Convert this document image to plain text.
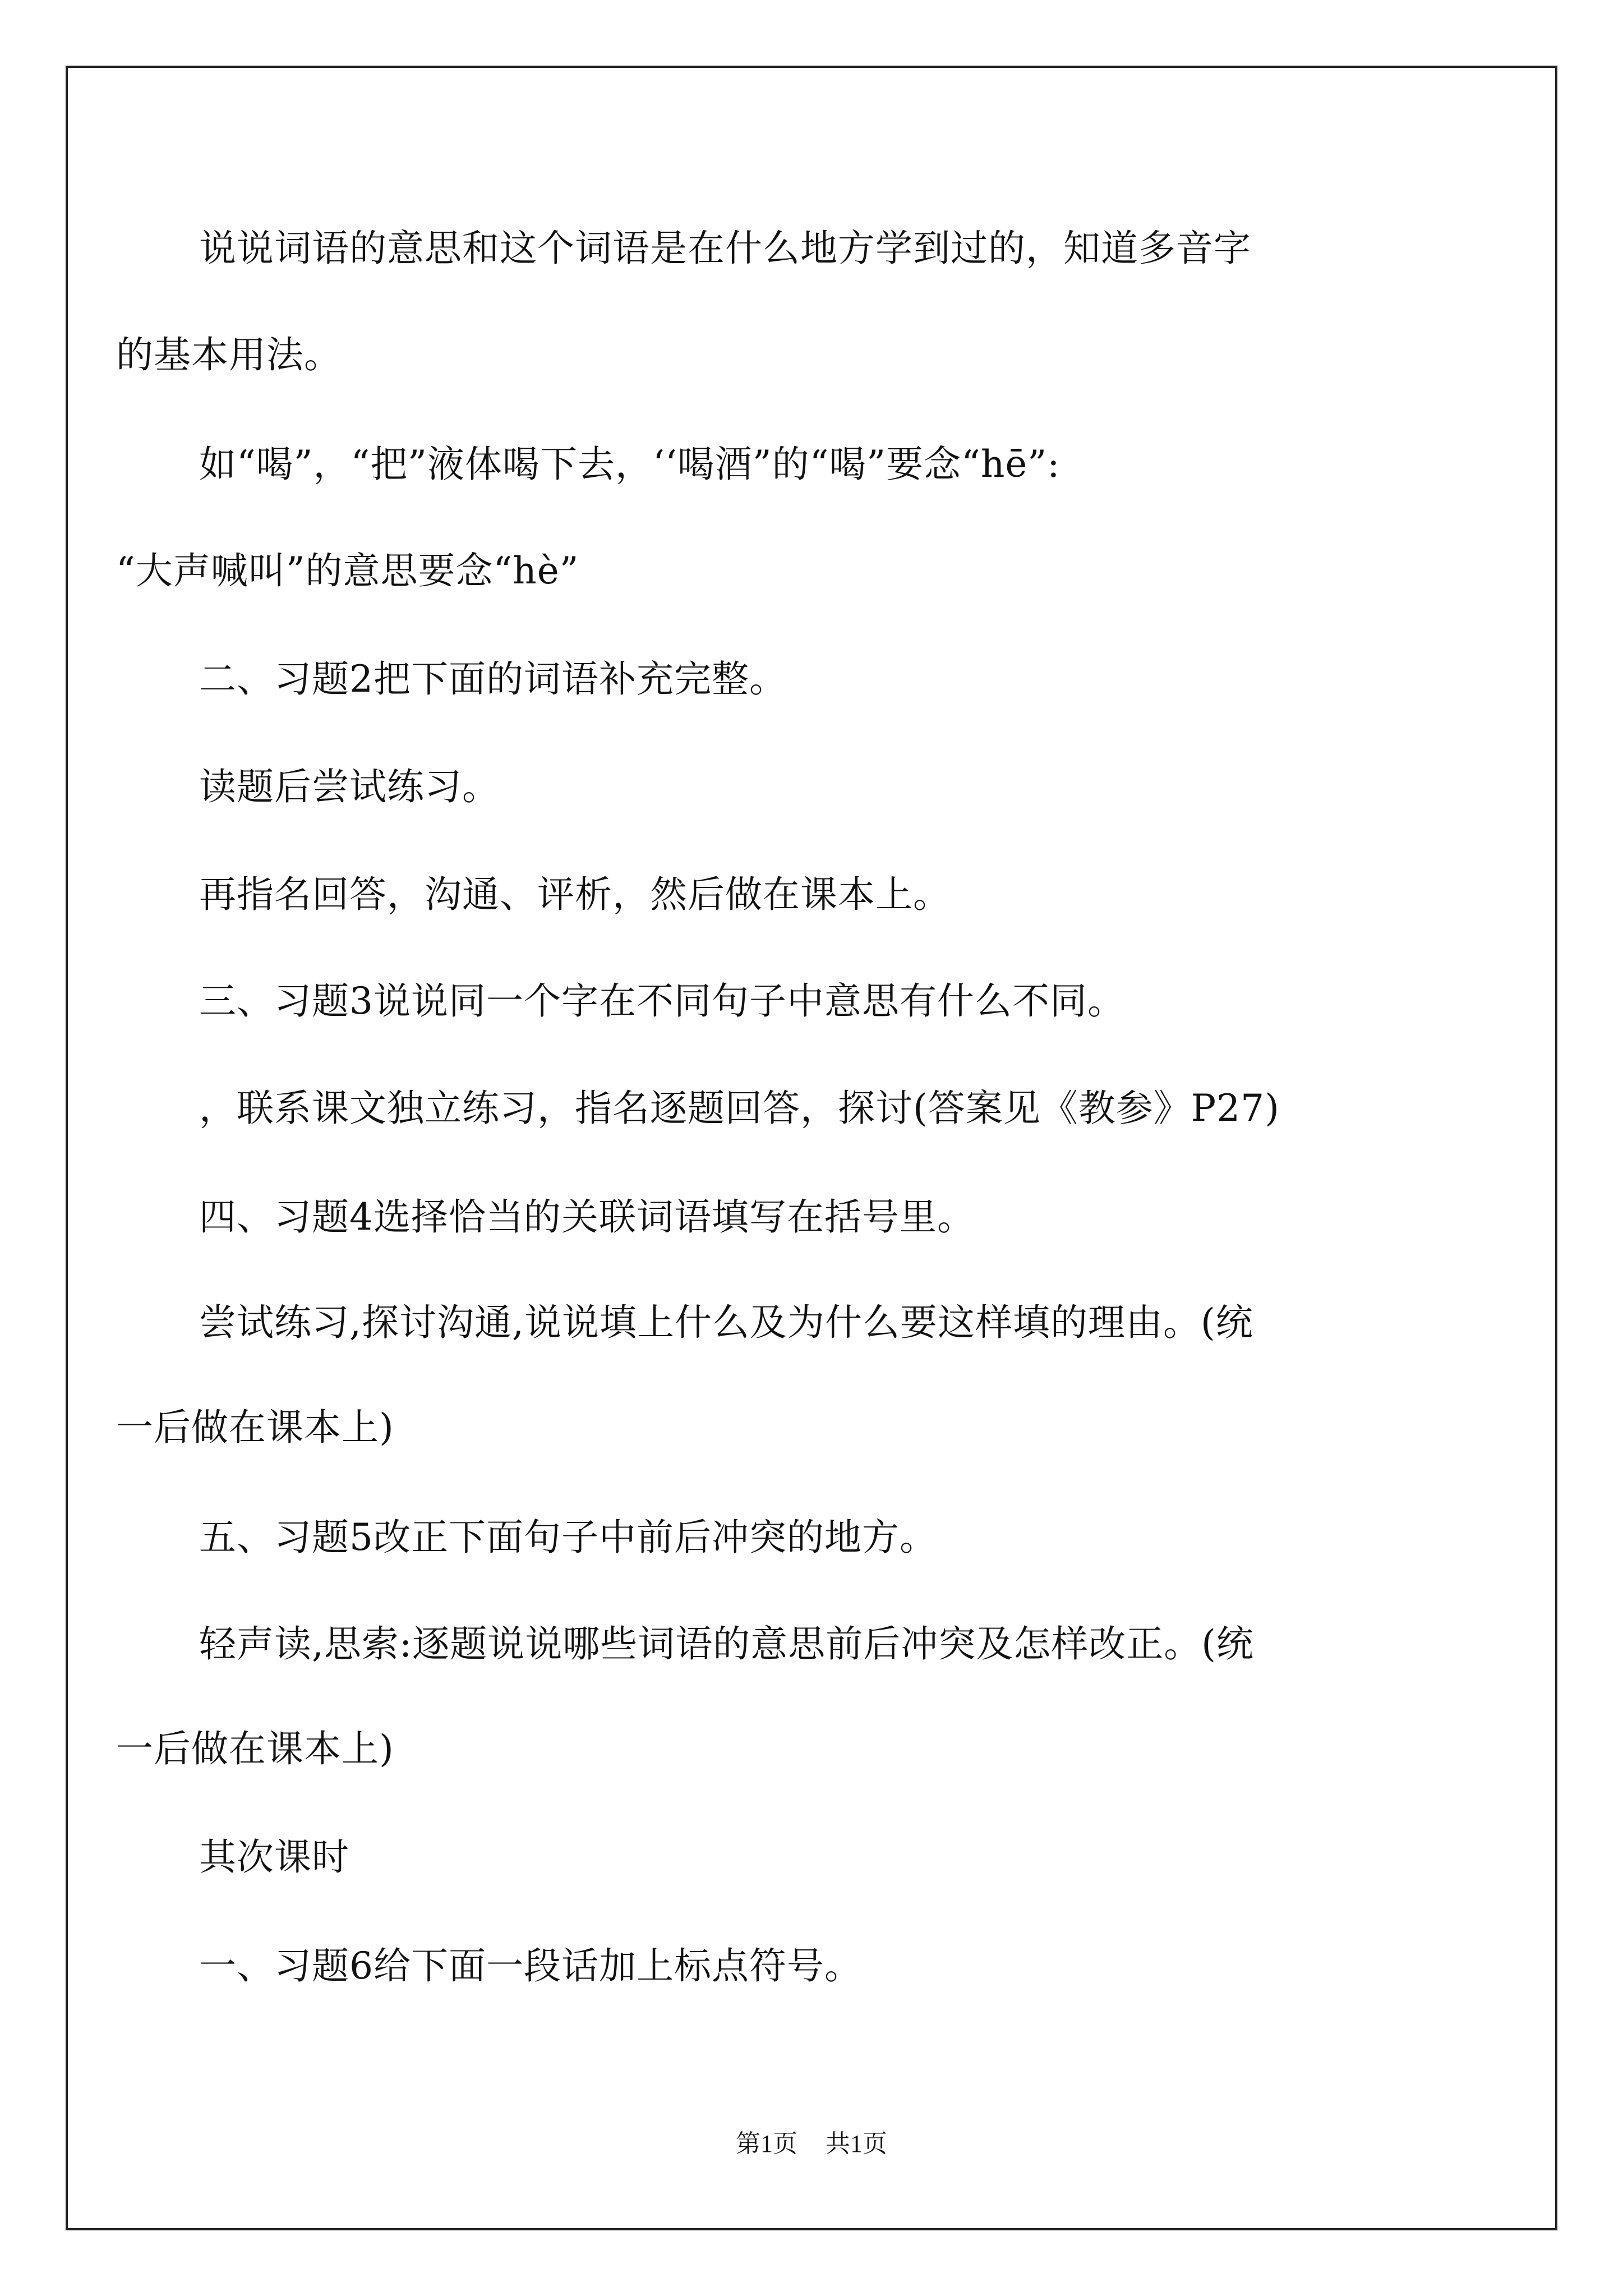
说说词语的意思和这个词语是在什么地方学到过的，知道多音字
的基本用法。
如“喝”，“把”液体喝下去，‘‘喝酒”的“喝”要念“hē”:
“大声喊叫”的意思要念“hè”
二、习题2把下面的词语补充完整。
读题后尝试练习。
再指名回答，沟通、评析，然后做在课本上。
三、习题3说说同一个字在不同句子中意思有什么不同。
，联系课文独立练习，指名逐题回答，探讨(答案见《教参》P27)
四、习题4选择恰当的关联词语填写在括号里。
尝试练习,探讨沟通,说说填上什么及为什么要这样填的理由。(统
一后做在课本上)
五、习题5改正下面句子中前后冲突的地方。
轻声读,思索:逐题说说哪些词语的意思前后冲突及怎样改正。(统
一后做在课本上)
其次课时
一、习题6给下面一段话加上标点符号。
第1页 共1页
